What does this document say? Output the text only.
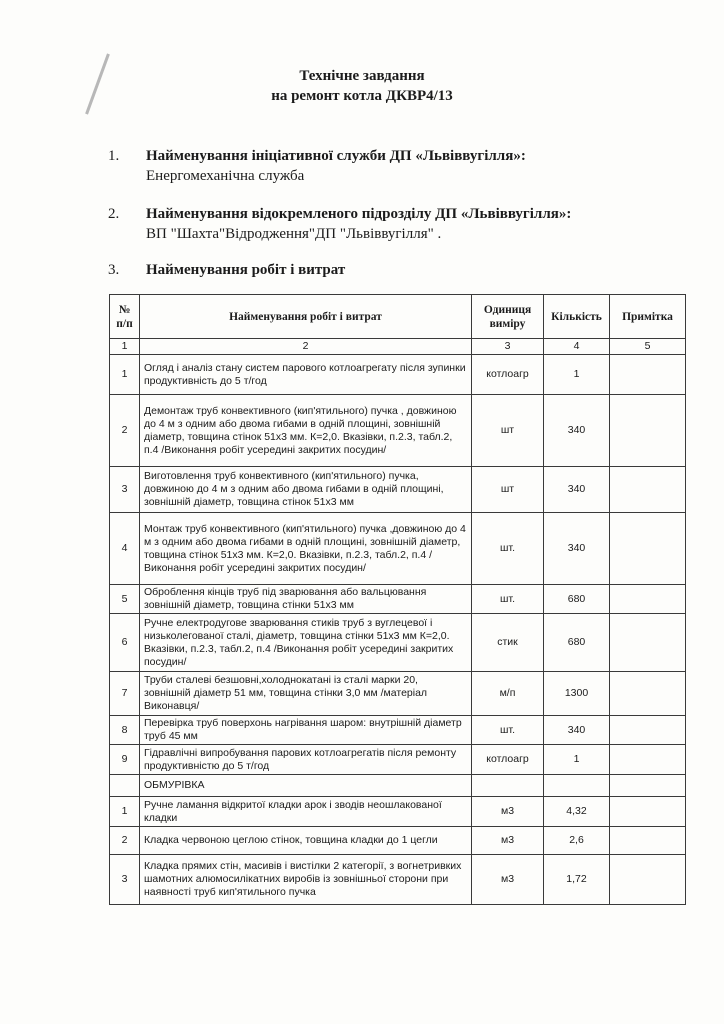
Технічне завдання
на ремонт котла ДКВР4/13
1. Найменування ініціативної служби ДП «Львіввугілля»:
Енергомеханічна служба
2. Найменування відокремленого підрозділу ДП «Львіввугілля»:
ВП "Шахта"Відродження"ДП "Львіввугілля" .
3. Найменування робіт і витрат
№ п/п	Найменування робіт і витрат	Одиниця виміру	Кількість	Примітка
1	2	3	4	5
1	Огляд і аналіз стану систем парового котлоагрегату після зупинки продуктивність до 5 т/год	котлоагр	1	
2	Демонтаж труб конвективного (кип'ятильного) пучка , довжиною до 4 м з одним або двома гибами в одній площині, зовнішній діаметр, товщина стінок 51х3 мм. К=2,0. Вказівки, п.2.3, табл.2, п.4 /Виконання робіт усередині закритих посудин/	шт	340	
3	Виготовлення труб конвективного (кип'ятильного) пучка, довжиною до 4 м з одним або двома гибами в одній площині, зовнішній діаметр, товщина стінок 51х3 мм	шт	340	
4	Монтаж труб конвективного (кип'ятильного) пучка ,довжиною до 4 м з одним або двома гибами в одній площині, зовнішній діаметр, товщина стінок 51х3 мм. К=2,0. Вказівки, п.2.3, табл.2, п.4 /Виконання робіт усередині закритих посудин/	шт.	340	
5	Оброблення кінців труб під зварювання або вальцювання зовнішній діаметр, товщина стінки 51х3 мм	шт.	680	
6	Ручне електродугове зварювання стиків труб з вуглецевої і низьколегованої сталі, діаметр, товщина стінки 51х3 мм К=2,0. Вказівки, п.2.3, табл.2, п.4 /Виконання робіт усередині закритих посудин/	стик	680	
7	Труби сталеві безшовні,холоднокатані із сталі марки 20, зовнішній діаметр 51 мм, товщина стінки 3,0 мм /матеріал Виконавця/	м/п	1300	
8	Перевірка труб поверхонь нагрівання шаром: внутрішній діаметр труб 45 мм	шт.	340	
9	Гідравлічні випробування парових котлоагрегатів після ремонту продуктивністю до 5 т/год	котлоагр	1	
	ОБМУРІВКА			
1	Ручне ламання відкритої кладки арок і зводів неошлакованої кладки	м3	4,32	
2	Кладка червоною цеглою стінок, товщина кладки до 1 цегли	м3	2,6	
3	Кладка прямих стін, масивів і вистілки 2 категорії, з вогнетривких шамотних алюмосилікатних виробів із зовнішньої сторони при наявності труб кип'ятильного пучка	м3	1,72	
